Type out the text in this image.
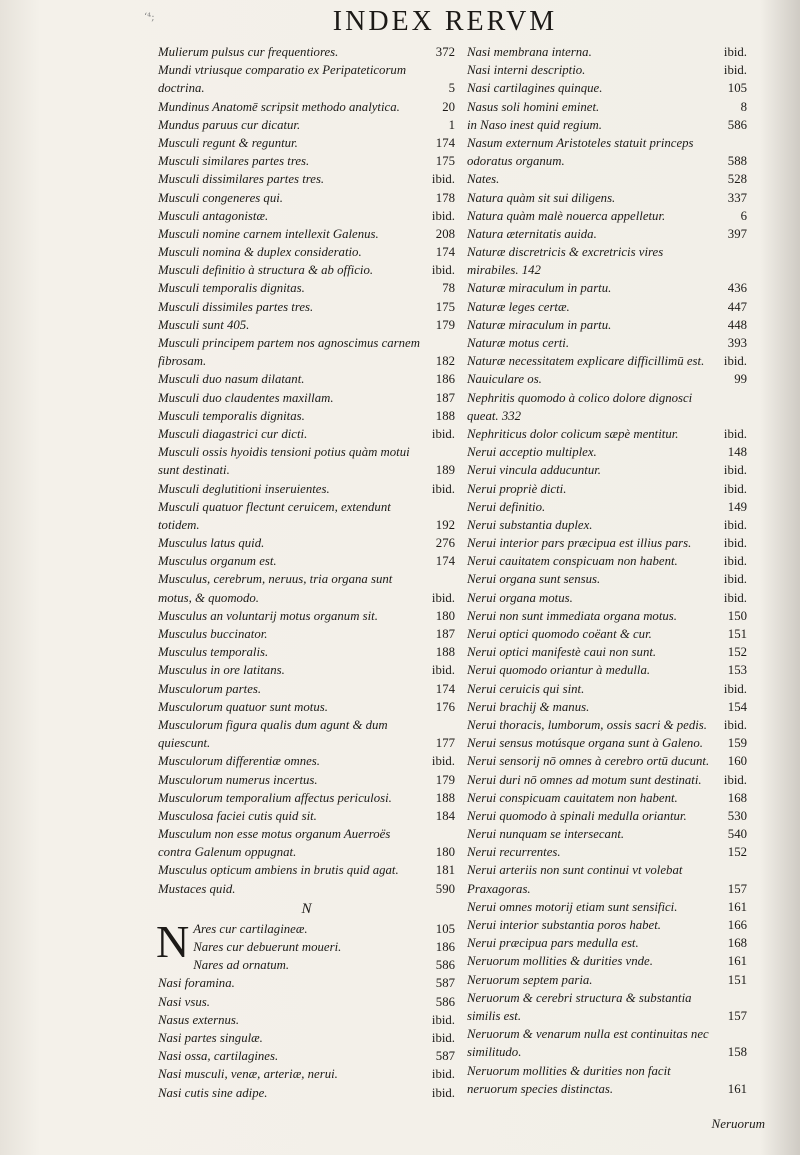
ʻ⁴;	INDEX RERVM
Mulierum pulsus cur frequentiores.	372
Mundi vtriusque comparatio ex Peripateticorum doctrina.	5
Mundinus Anatomē scripsit methodo analytica.	20
Mundus paruus cur dicatur.	1
Musculi regunt & reguntur.	174
Musculi similares partes tres.	175
Musculi dissimilares partes tres.	ibid.
Musculi congeneres qui.	178
Musculi antagonistæ.	ibid.
Musculi nomine carnem intellexit Galenus.	208
Musculi nomina & duplex consideratio.	174
Musculi definitio à structura & ab officio.	ibid.
Musculi temporalis dignitas.	78
Musculi dissimiles partes tres.	175
Musculi sunt 405.	179
Musculi principem partem nos agnoscimus carnem fibrosam.	182
Musculi duo nasum dilatant.	186
Musculi duo claudentes maxillam.	187
Musculi temporalis dignitas.	188
Musculi diagastrici cur dicti.	ibid.
Musculi ossis hyoidis tensioni potius quàm motui sunt destinati.	189
Musculi deglutitioni inseruientes.	ibid.
Musculi quatuor flectunt ceruicem, extendunt totidem.	192
Musculus latus quid.	276
Musculus organum est.	174
Musculus, cerebrum, neruus, tria organa sunt motus, & quomodo.	ibid.
Musculus an voluntarij motus organum sit.	180
Musculus buccinator.	187
Musculus temporalis.	188
Musculus in ore latitans.	ibid.
Musculorum partes.	174
Musculorum quatuor sunt motus.	176
Musculorum figura qualis dum agunt & dum quiescunt.	177
Musculorum differentiæ omnes.	ibid.
Musculorum numerus incertus.	179
Musculorum temporalium affectus periculosi.	188
Musculosa faciei cutis quid sit.	184
Musculum non esse motus organum Auerroës contra Galenum oppugnat.	180
Musculus opticum ambiens in brutis quid agat.	181
Mustaces quid.	590
N
N Ares cur cartilagineæ.	105
Nares cur debuerunt moueri.	186
Nares ad ornatum.	586
Nasi foramina.	587
Nasi vsus.	586
Nasus externus.	ibid.
Nasi partes singulæ.	ibid.
Nasi ossa, cartilagines.	587
Nasi musculi, venæ, arteriæ, nerui.	ibid.
Nasi cutis sine adipe.	ibid.
Nasi membrana interna.	ibid.
Nasi interni descriptio.	ibid.
Nasi cartilagines quinque.	105
Nasus soli homini eminet.	8
in Naso inest quid regium.	586
Nasum externum Aristoteles statuit princeps odoratus organum.	588
Nates.	528
Natura quàm sit sui diligens.	337
Natura quàm malè nouerca appelletur.	6
Natura æternitatis auida.	397
Naturæ discretricis & excretricis vires mirabiles. 142
Naturæ miraculum in partu.	436
Naturæ leges certæ.	447
Naturæ miraculum in partu.	448
Naturæ motus certi.	393
Naturæ necessitatem explicare difficillimū est. ibid.
Nauiculare os.	99
Nephritis quomodo à colico dolore dignosci queat. 332
Nephriticus dolor colicum sæpè mentitur.	ibid.
Nerui acceptio multiplex.	148
Nerui vincula adducuntur.	ibid.
Nerui propriè dicti.	ibid.
Nerui definitio.	149
Nerui substantia duplex.	ibid.
Nerui interior pars præcipua est illius pars.	ibid.
Nerui cauitatem conspicuam non habent.	ibid.
Nerui organa sunt sensus.	ibid.
Nerui organa motus.	ibid.
Nerui non sunt immediata organa motus.	150
Nerui optici quomodo coëant & cur.	151
Nerui optici manifestè caui non sunt.	152
Nerui quomodo oriantur à medulla.	153
Nerui ceruicis qui sint.	ibid.
Nerui brachij & manus.	154
Nerui thoracis, lumborum, ossis sacri & pedis. ibid.
Nerui sensus motúsque organa sunt à Galeno. 159
Nerui sensorij nō omnes à cerebro ortū ducunt. 160
Nerui duri nō omnes ad motum sunt destinati. ibid.
Nerui conspicuam cauitatem non habent.	168
Nerui quomodo à spinali medulla oriantur.	530
Nerui nunquam se intersecant.	540
Nerui recurrentes.	152
Nerui arteriis non sunt continui vt volebat Praxagoras.	157
Nerui omnes motorij etiam sunt sensifici.	161
Nerui interior substantia poros habet.	166
Nerui præcipua pars medulla est.	168
Neruorum mollities & durities vnde.	161
Neruorum septem paria.	151
Neruorum & cerebri structura & substantia similis est.	157
Neruorum & venarum nulla est continuitas nec similitudo.	158
Neruorum mollities & durities non facit neruorum species distinctas.	161
Neruorum
